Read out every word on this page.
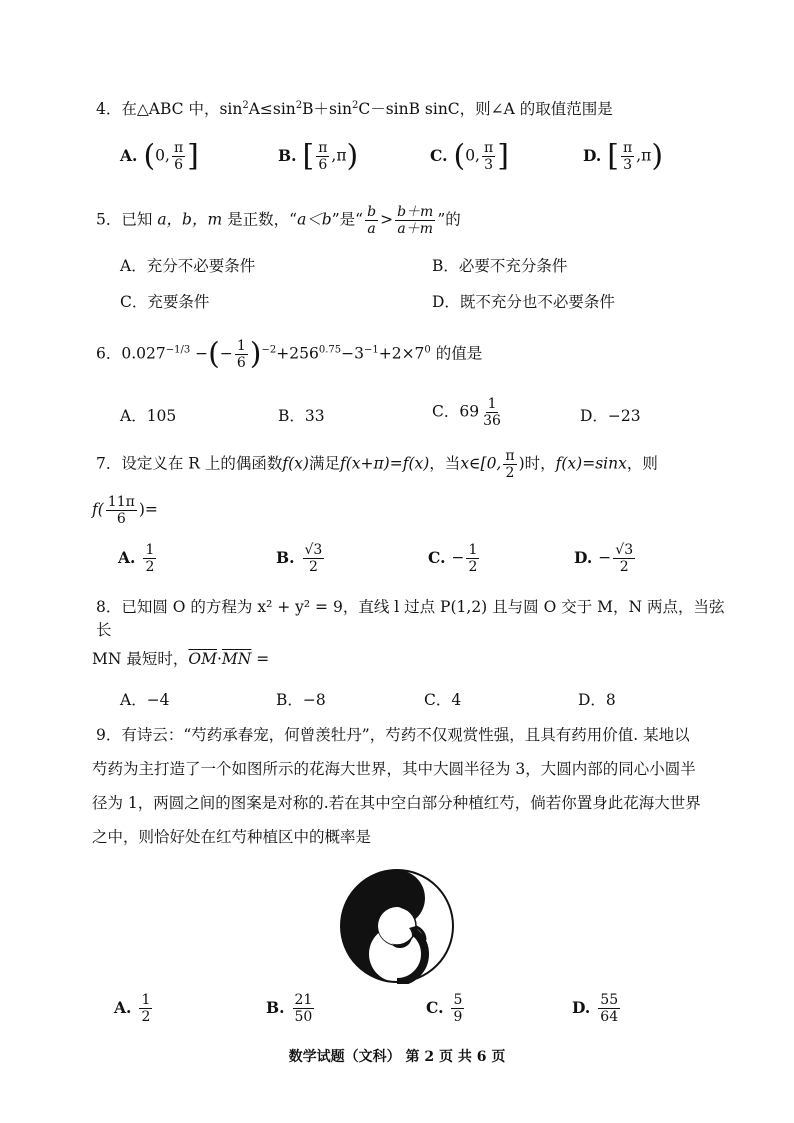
4．在△ABC 中，$\sin^2A\le\sin^2B+\sin^2C-\sin B$ sinC，则∠A 的取值范围是
A. (0, $\frac{\pi}{6}$ ]	B. [ $\frac{\pi}{6} ,\pi$)	C. (0, $\frac{\pi}{3}$ ]	D. [ $\frac{\pi}{3} ,\pi$)
5．已知 a，b，m 是正数，“a＜b”是“ $\frac{b}{a} > \frac{b+m}{a+m}$ ”的
A．充分不必要条件	B．必要不充分条件
C．充要条件	D．既不充分也不必要条件
6．$0.027^{-1/3}$ −(− $\frac{1}{6} )^{-2}+256^{0.75}-3^{-1}+2\times 7^0$ 的值是
A．105	B．33	C．$69 \frac{1}{36}$	D．−23
7．设定义在 R 上的偶函数f(x)满足f(x+π)=f(x)，当x∈[0, $\frac{\pi}{2}$ )时，f(x)=sinx，则
$f( \frac{11\pi}{6}$ )=
A. $\frac{1}{2}$	B. $\frac{√3}{2}$	C. − $\frac{1}{2}$	D. − $\frac{√3}{2}$
8．已知圆 O 的方程为 x² + y² = 9，直线 l 过点 P(1,2) 且与圆 O 交于 M，N 两点，当弦长
MN 最短时，$\overline{OM}\cdot\overline{MN}$ =
A．−4	B．−8	C．4	D．8
9．有诗云：“芍药承春宠，何曾羡牡丹”，芍药不仅观赏性强，且具有药用价值. 某地以
芍药为主打造了一个如图所示的花海大世界，其中大圆半径为 3，大圆内部的同心小圆半
径为 1，两圆之间的图案是对称的.若在其中空白部分种植红芍，倘若你置身此花海大世界
之中，则恰好处在红芍种植区中的概率是
A. $\frac{1}{2}$	B. $\frac{21}{50}$	C. $\frac{5}{9}$	D. $\frac{55}{64}$
数学试题（文科） 第 2 页 共 6 页
